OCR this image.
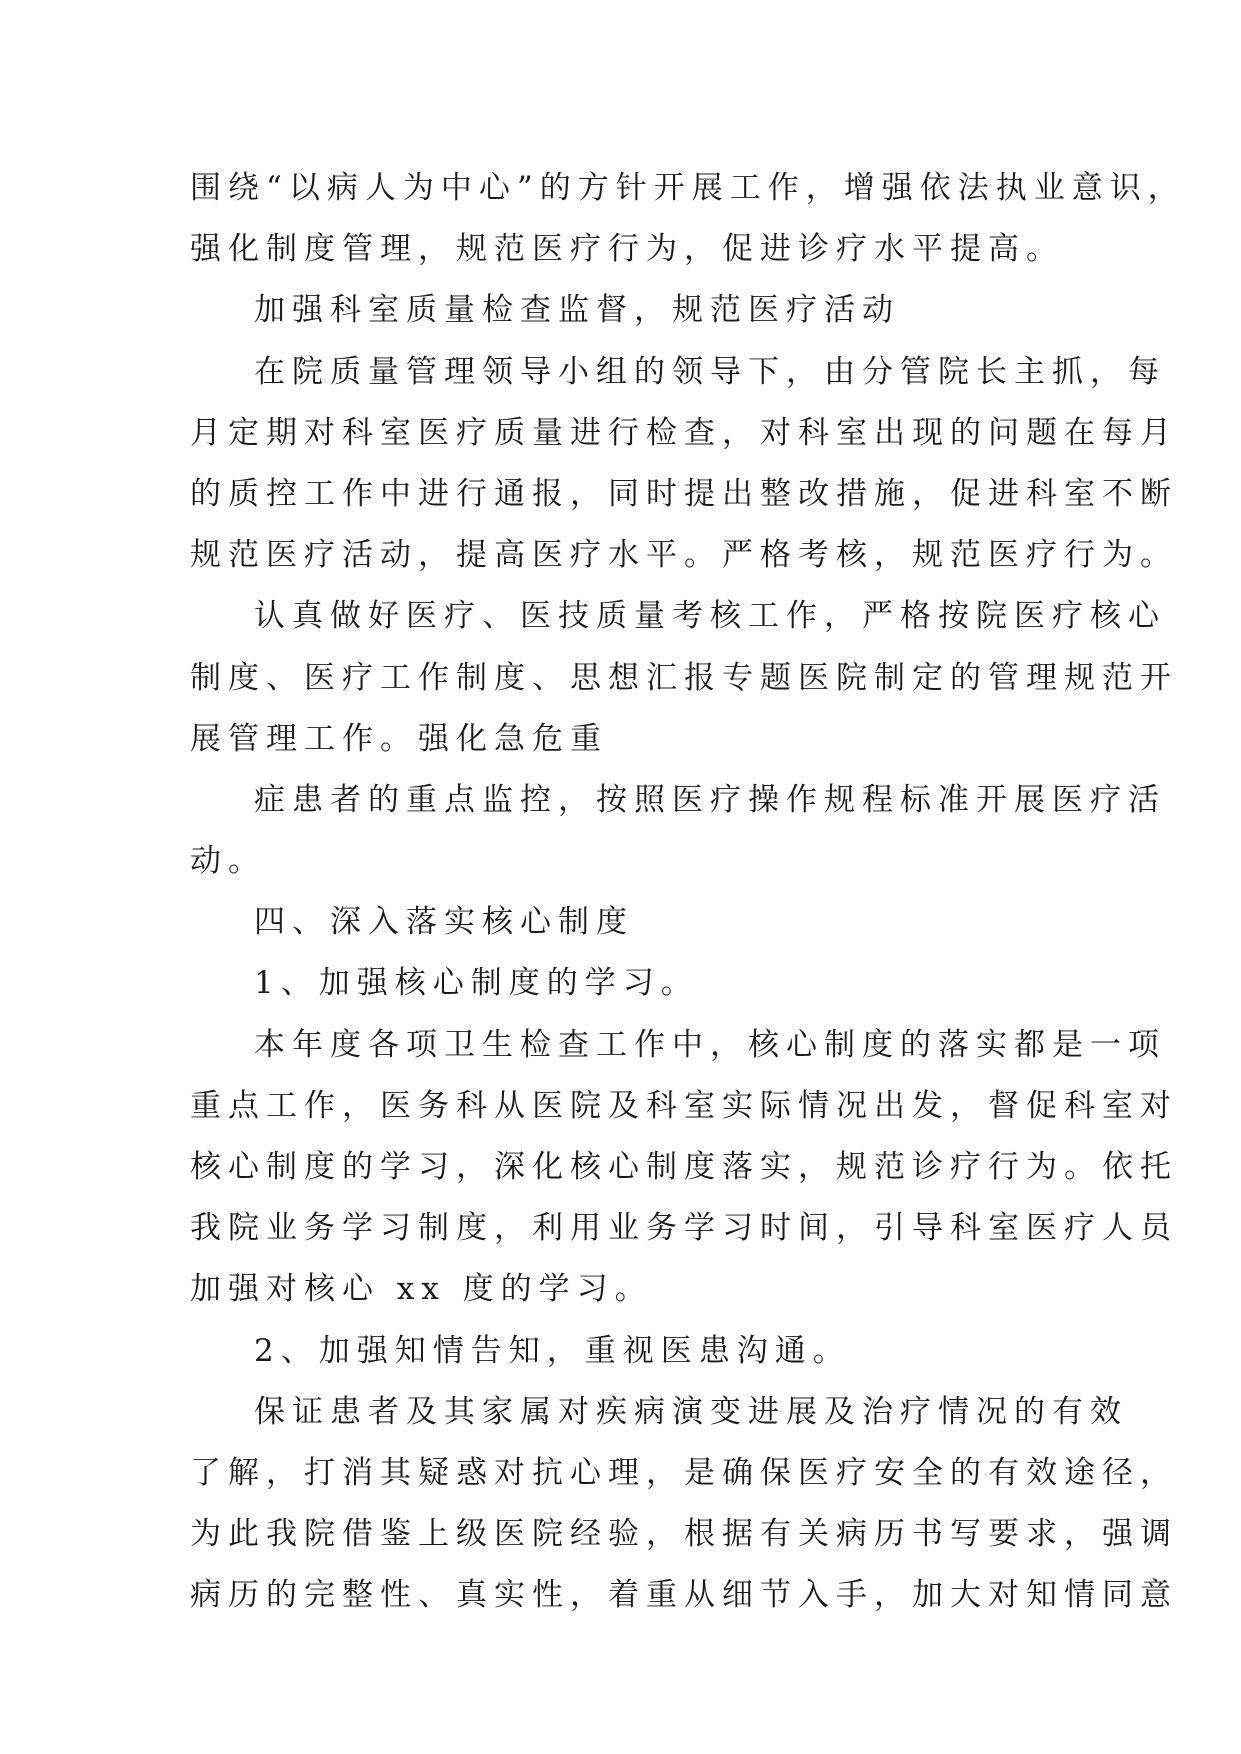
围绕“以病人为中心”的方针开展工作，增强依法执业意识，
强化制度管理，规范医疗行为，促进诊疗水平提高。
加强科室质量检查监督，规范医疗活动
在院质量管理领导小组的领导下，由分管院长主抓，每
月定期对科室医疗质量进行检查，对科室出现的问题在每月
的质控工作中进行通报，同时提出整改措施，促进科室不断
规范医疗活动，提高医疗水平。严格考核，规范医疗行为。
认真做好医疗、医技质量考核工作，严格按院医疗核心
制度、医疗工作制度、思想汇报专题医院制定的管理规范开
展管理工作。强化急危重
症患者的重点监控，按照医疗操作规程标准开展医疗活
动。
四、深入落实核心制度
1、加强核心制度的学习。
本年度各项卫生检查工作中，核心制度的落实都是一项
重点工作，医务科从医院及科室实际情况出发，督促科室对
核心制度的学习，深化核心制度落实，规范诊疗行为。依托
我院业务学习制度，利用业务学习时间，引导科室医疗人员
加强对核心 xx 度的学习。
2、加强知情告知，重视医患沟通。
保证患者及其家属对疾病演变进展及治疗情况的有效
了解，打消其疑惑对抗心理，是确保医疗安全的有效途径，
为此我院借鉴上级医院经验，根据有关病历书写要求，强调
病历的完整性、真实性，着重从细节入手，加大对知情同意
